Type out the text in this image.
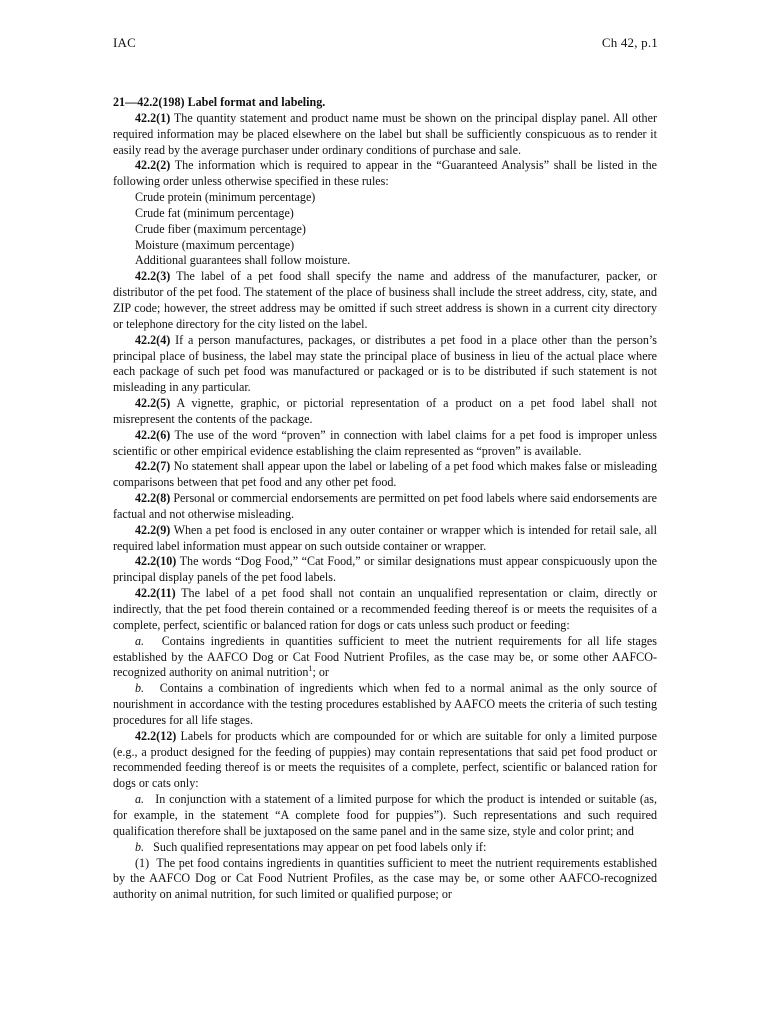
IAC	Ch 42, p.1

21—42.2(198) Label format and labeling.

42.2(1) The quantity statement and product name must be shown on the principal display panel. All other required information may be placed elsewhere on the label but shall be sufficiently conspicuous as to render it easily read by the average purchaser under ordinary conditions of purchase and sale.

42.2(2) The information which is required to appear in the “Guaranteed Analysis” shall be listed in the following order unless otherwise specified in these rules:

Crude protein (minimum percentage)

Crude fat (minimum percentage)

Crude fiber (maximum percentage)

Moisture (maximum percentage)

Additional guarantees shall follow moisture.

42.2(3) The label of a pet food shall specify the name and address of the manufacturer, packer, or distributor of the pet food. The statement of the place of business shall include the street address, city, state, and ZIP code; however, the street address may be omitted if such street address is shown in a current city directory or telephone directory for the city listed on the label.

42.2(4) If a person manufactures, packages, or distributes a pet food in a place other than the person’s principal place of business, the label may state the principal place of business in lieu of the actual place where each package of such pet food was manufactured or packaged or is to be distributed if such statement is not misleading in any particular.

42.2(5) A vignette, graphic, or pictorial representation of a product on a pet food label shall not misrepresent the contents of the package.

42.2(6) The use of the word “proven” in connection with label claims for a pet food is improper unless scientific or other empirical evidence establishing the claim represented as “proven” is available.

42.2(7) No statement shall appear upon the label or labeling of a pet food which makes false or misleading comparisons between that pet food and any other pet food.

42.2(8) Personal or commercial endorsements are permitted on pet food labels where said endorsements are factual and not otherwise misleading.

42.2(9) When a pet food is enclosed in any outer container or wrapper which is intended for retail sale, all required label information must appear on such outside container or wrapper.

42.2(10) The words “Dog Food,” “Cat Food,” or similar designations must appear conspicuously upon the principal display panels of the pet food labels.

42.2(11) The label of a pet food shall not contain an unqualified representation or claim, directly or indirectly, that the pet food therein contained or a recommended feeding thereof is or meets the requisites of a complete, perfect, scientific or balanced ration for dogs or cats unless such product or feeding:

a. Contains ingredients in quantities sufficient to meet the nutrient requirements for all life stages established by the AAFCO Dog or Cat Food Nutrient Profiles, as the case may be, or some other AAFCO-recognized authority on animal nutrition$^1$; or

b. Contains a combination of ingredients which when fed to a normal animal as the only source of nourishment in accordance with the testing procedures established by AAFCO meets the criteria of such testing procedures for all life stages.

42.2(12) Labels for products which are compounded for or which are suitable for only a limited purpose (e.g., a product designed for the feeding of puppies) may contain representations that said pet food product or recommended feeding thereof is or meets the requisites of a complete, perfect, scientific or balanced ration for dogs or cats only:

a. In conjunction with a statement of a limited purpose for which the product is intended or suitable (as, for example, in the statement “A complete food for puppies”). Such representations and such required qualification therefore shall be juxtaposed on the same panel and in the same size, style and color print; and

b. Such qualified representations may appear on pet food labels only if:

(1) The pet food contains ingredients in quantities sufficient to meet the nutrient requirements established by the AAFCO Dog or Cat Food Nutrient Profiles, as the case may be, or some other AAFCO-recognized authority on animal nutrition, for such limited or qualified purpose; or
